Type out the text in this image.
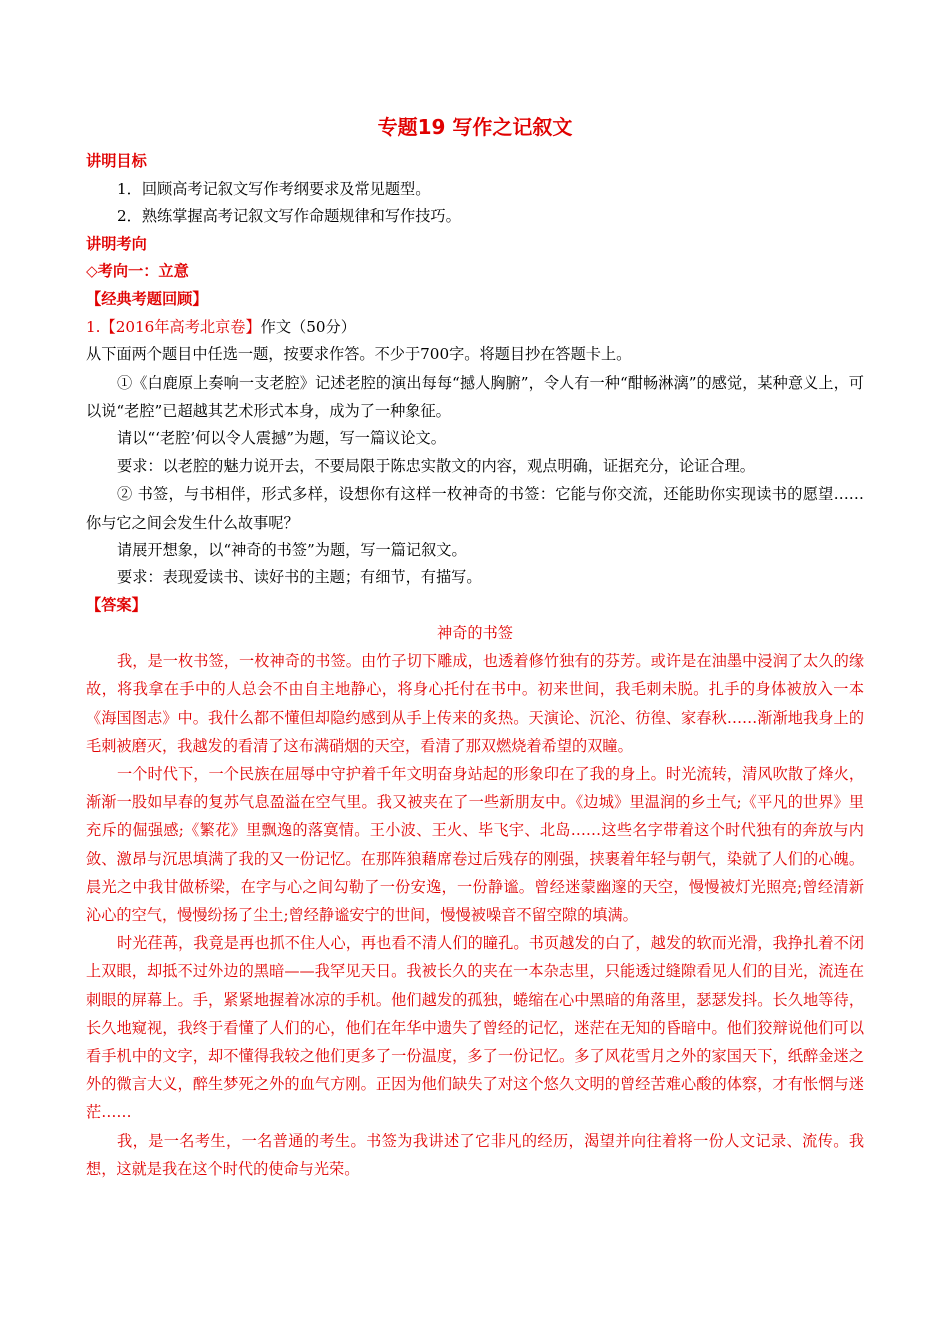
专题19 写作之记叙文

讲明目标

1．回顾高考记叙文写作考纲要求及常见题型。

2．熟练掌握高考记叙文写作命题规律和写作技巧。

讲明考向

◇考向一：立意

【经典考题回顾】

1.【2016年高考北京卷】作文（50分）

从下面两个题目中任选一题，按要求作答。不少于700字。将题目抄在答题卡上。

①《白鹿原上奏响一支老腔》记述老腔的演出每每“撼人胸腑”，令人有一种“酣畅淋漓”的感觉，某种意义上，可以说“老腔”已超越其艺术形式本身，成为了一种象征。

请以“‘老腔’何以令人震撼”为题，写一篇议论文。

要求：以老腔的魅力说开去，不要局限于陈忠实散文的内容，观点明确，证据充分，论证合理。

② 书签，与书相伴，形式多样，设想你有这样一枚神奇的书签：它能与你交流，还能助你实现读书的愿望……你与它之间会发生什么故事呢？

请展开想象，以“神奇的书签”为题，写一篇记叙文。

要求：表现爱读书、读好书的主题；有细节，有描写。

【答案】

神奇的书签

我，是一枚书签，一枚神奇的书签。由竹子切下雕成，也透着修竹独有的芬芳。或许是在油墨中浸润了太久的缘故，将我拿在手中的人总会不由自主地静心，将身心托付在书中。初来世间，我毛刺未脱。扎手的身体被放入一本《海国图志》中。我什么都不懂但却隐约感到从手上传来的炙热。天演论、沉沦、彷徨、家春秋……渐渐地我身上的毛刺被磨灭，我越发的看清了这布满硝烟的天空，看清了那双燃烧着希望的双瞳。

一个时代下，一个民族在屈辱中守护着千年文明奋身站起的形象印在了我的身上。时光流转，清风吹散了烽火，渐渐一股如早春的复苏气息盈溢在空气里。我又被夹在了一些新朋友中。《边城》里温润的乡土气;《平凡的世界》里充斥的倔强感;《繁花》里飘逸的落寞情。王小波、王火、毕飞宇、北岛……这些名字带着这个时代独有的奔放与内敛、激昂与沉思填满了我的又一份记忆。在那阵狼藉席卷过后残存的刚强，挟裹着年轻与朝气，染就了人们的心魄。晨光之中我甘做桥梁，在字与心之间勾勒了一份安逸，一份静谧。曾经迷蒙幽邃的天空，慢慢被灯光照亮;曾经清新沁心的空气，慢慢纷扬了尘土;曾经静谧安宁的世间，慢慢被噪音不留空隙的填满。

时光荏苒，我竟是再也抓不住人心，再也看不清人们的瞳孔。书页越发的白了，越发的软而光滑，我挣扎着不闭上双眼，却抵不过外边的黑暗——我罕见天日。我被长久的夹在一本杂志里，只能透过缝隙看见人们的目光，流连在刺眼的屏幕上。手，紧紧地握着冰凉的手机。他们越发的孤独，蜷缩在心中黑暗的角落里，瑟瑟发抖。长久地等待，长久地窥视，我终于看懂了人们的心，他们在年华中遗失了曾经的记忆，迷茫在无知的昏暗中。他们狡辩说他们可以看手机中的文字，却不懂得我较之他们更多了一份温度，多了一份记忆。多了风花雪月之外的家国天下，纸醉金迷之外的微言大义，醉生梦死之外的血气方刚。正因为他们缺失了对这个悠久文明的曾经苦难心酸的体察，才有怅惘与迷茫……

我，是一名考生，一名普通的考生。书签为我讲述了它非凡的经历，渴望并向往着将一份人文记录、流传。我想，这就是我在这个时代的使命与光荣。
